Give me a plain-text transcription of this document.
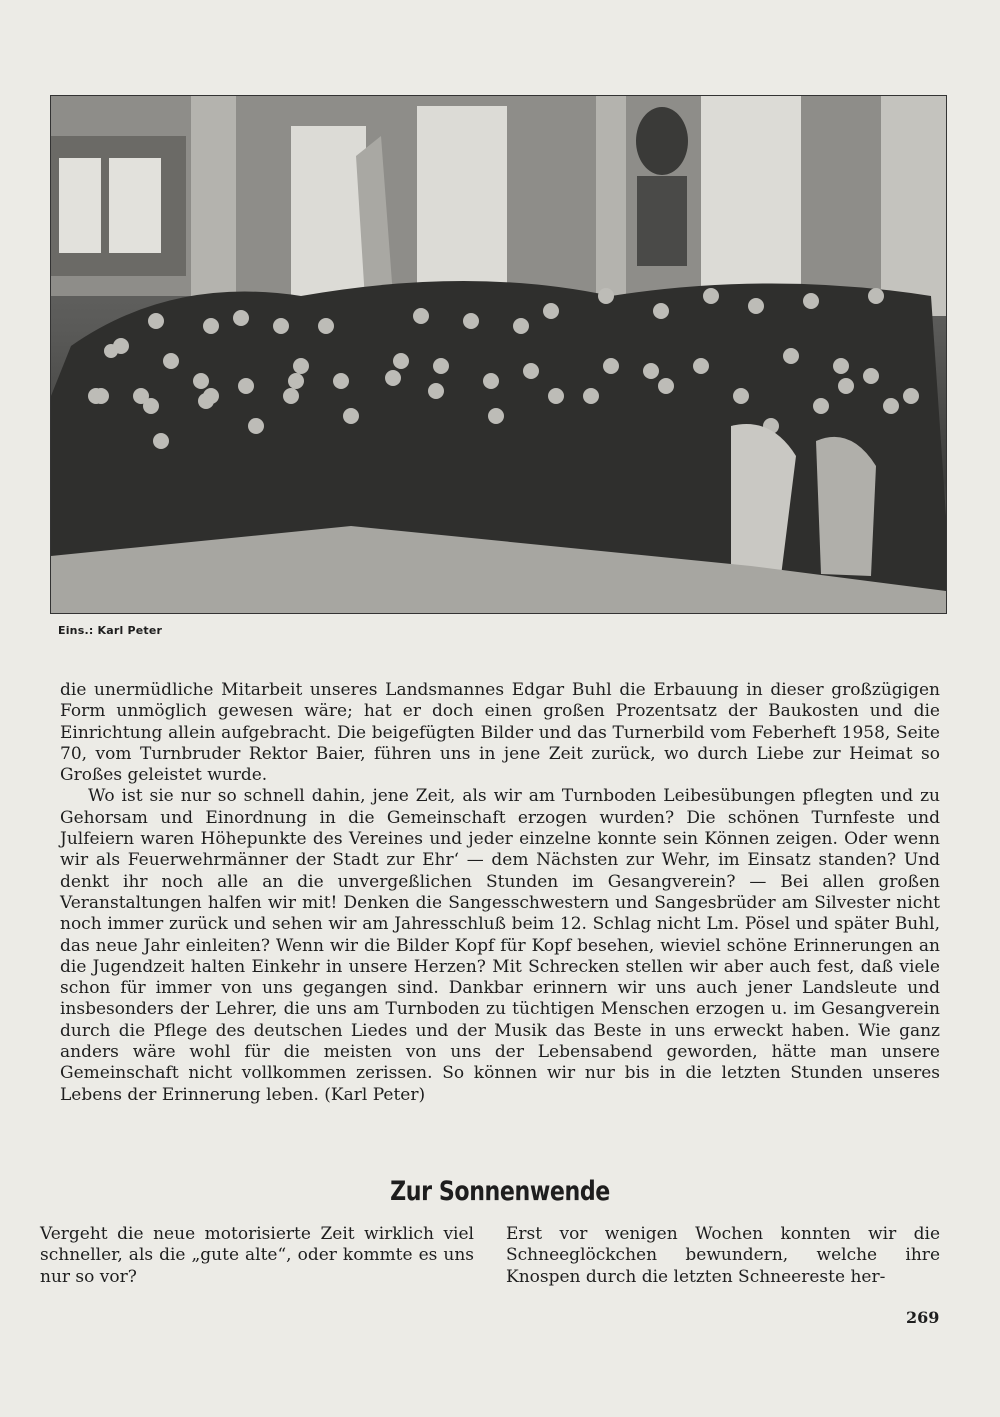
Eins.: Karl Peter

die unermüdliche Mitarbeit unseres Landsmannes Edgar Buhl die Erbauung in dieser großzügigen Form unmöglich gewesen wäre; hat er doch einen großen Prozentsatz der Baukosten und die Einrichtung allein aufgebracht. Die beigefügten Bilder und das Turnerbild vom Feberheft 1958, Seite 70, vom Turnbruder Rektor Baier, führen uns in jene Zeit zurück, wo durch Liebe zur Heimat so Großes geleistet wurde.

Wo ist sie nur so schnell dahin, jene Zeit, als wir am Turnboden Leibesübungen pflegten und zu Gehorsam und Einordnung in die Gemeinschaft erzogen wurden? Die schönen Turnfeste und Julfeiern waren Höhepunkte des Vereines und jeder einzelne konnte sein Können zeigen. Oder wenn wir als Feuerwehrmänner der Stadt zur Ehr‘ — dem Nächsten zur Wehr, im Einsatz standen? Und denkt ihr noch alle an die unvergeßlichen Stunden im Gesangverein? — Bei allen großen Veranstaltungen halfen wir mit! Denken die Sangesschwestern und Sangesbrüder am Silvester nicht noch immer zurück und sehen wir am Jahresschluß beim 12. Schlag nicht Lm. Pösel und später Buhl, das neue Jahr einleiten? Wenn wir die Bilder Kopf für Kopf besehen, wieviel schöne Erinnerungen an die Jugendzeit halten Einkehr in unsere Herzen? Mit Schrecken stellen wir aber auch fest, daß viele schon für immer von uns gegangen sind. Dankbar erinnern wir uns auch jener Landsleute und insbesonders der Lehrer, die uns am Turnboden zu tüchtigen Menschen erzogen u. im Gesangverein durch die Pflege des deutschen Liedes und der Musik das Beste in uns erweckt haben. Wie ganz anders wäre wohl für die meisten von uns der Lebensabend geworden, hätte man unsere Gemeinschaft nicht vollkommen zerissen. So können wir nur bis in die letzten Stunden unseres Lebens der Erinnerung leben. (Karl Peter)

Zur Sonnenwende
Vergeht die neue motorisierte Zeit wirklich viel schneller, als die „gute alte“, oder kommte es uns nur so vor?
Erst vor wenigen Wochen konnten wir die Schneeglöckchen bewundern, welche ihre Knospen durch die letzten Schneereste her-
269
